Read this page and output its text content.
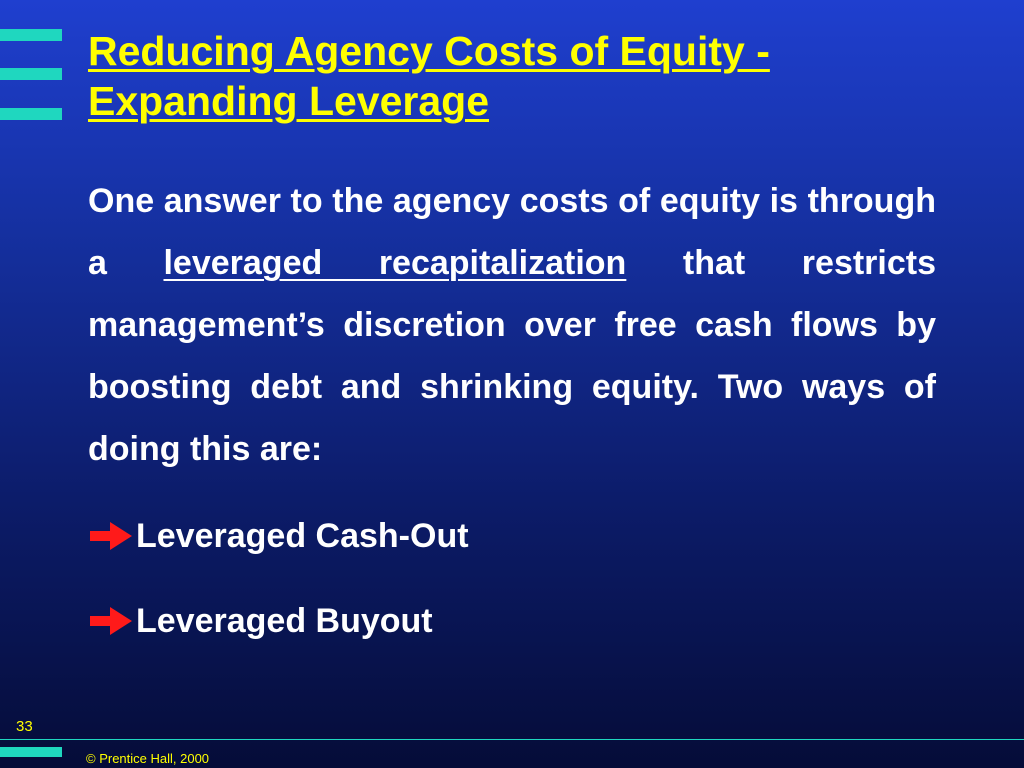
Reducing Agency Costs of Equity -
Expanding Leverage

One answer to the agency costs of equity is through a leveraged recapitalization that restricts management’s discretion over free cash flows by boosting debt and shrinking equity. Two ways of doing this are:

Leveraged Cash-Out
Leveraged Buyout
33
© Prentice Hall, 2000
